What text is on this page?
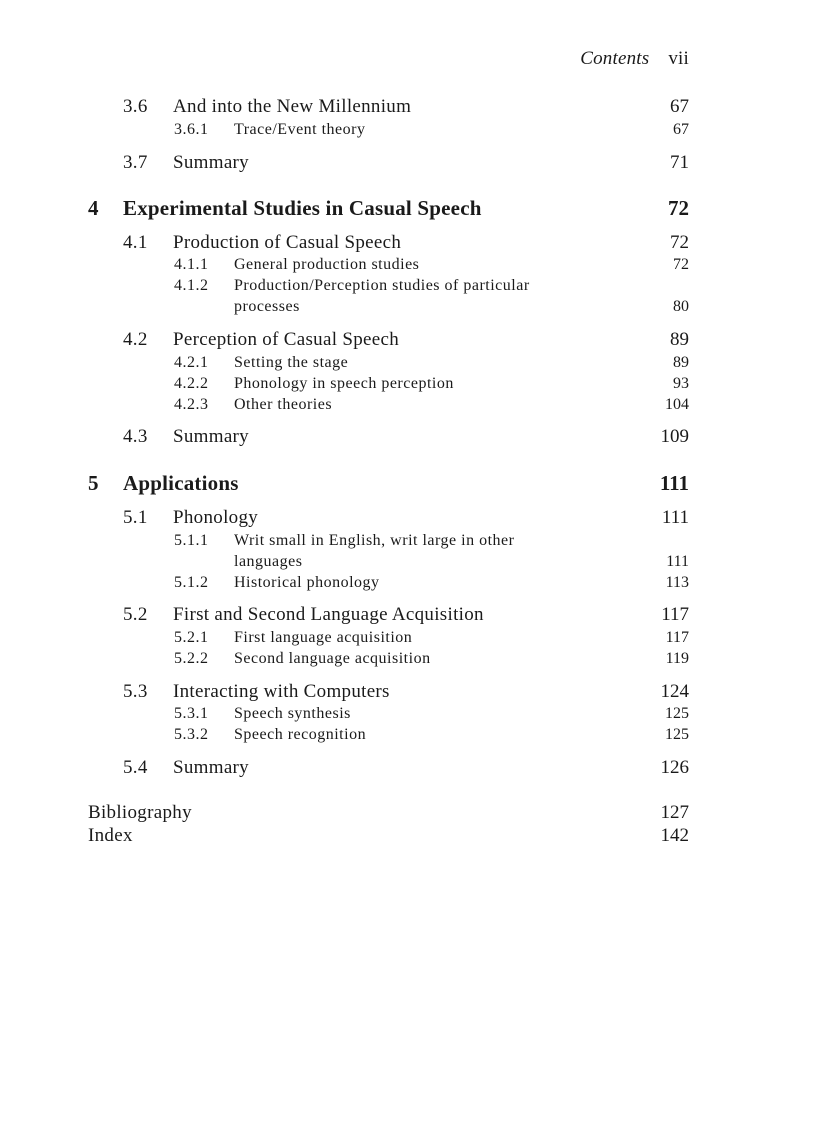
Contents vii
3.6 And into the New Millennium	67
3.6.1 Trace/Event theory	67
3.7 Summary	71
4 Experimental Studies in Casual Speech	72
4.1 Production of Casual Speech	72
4.1.1 General production studies	72
4.1.2 Production/Perception studies of particular
processes	80
4.2 Perception of Casual Speech	89
4.2.1 Setting the stage	89
4.2.2 Phonology in speech perception	93
4.2.3 Other theories	104
4.3 Summary	109
5 Applications	111
5.1 Phonology	111
5.1.1 Writ small in English, writ large in other
languages	111
5.1.2 Historical phonology	113
5.2 First and Second Language Acquisition	117
5.2.1 First language acquisition	117
5.2.2 Second language acquisition	119
5.3 Interacting with Computers	124
5.3.1 Speech synthesis	125
5.3.2 Speech recognition	125
5.4 Summary	126
Bibliography	127
Index	142
